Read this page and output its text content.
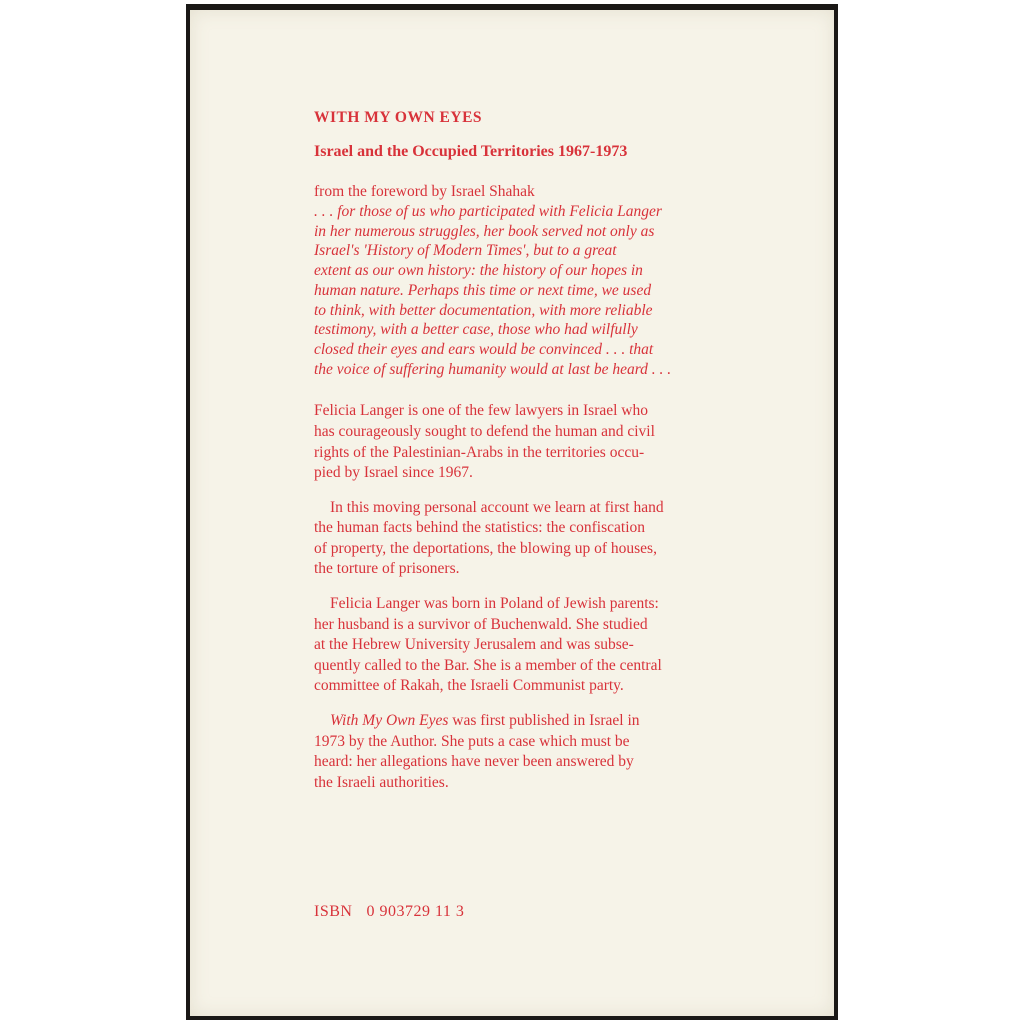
WITH MY OWN EYES
Israel and the Occupied Territories 1967-1973
from the foreword by Israel Shahak
. . . for those of us who participated with Felicia Langer
in her numerous struggles, her book served not only as
Israel's 'History of Modern Times', but to a great
extent as our own history: the history of our hopes in
human nature. Perhaps this time or next time, we used
to think, with better documentation, with more reliable
testimony, with a better case, those who had wilfully
closed their eyes and ears would be convinced . . . that
the voice of suffering humanity would at last be heard . . .
Felicia Langer is one of the few lawyers in Israel who
has courageously sought to defend the human and civil
rights of the Palestinian-Arabs in the territories occu-
pied by Israel since 1967.
In this moving personal account we learn at first hand
the human facts behind the statistics: the confiscation
of property, the deportations, the blowing up of houses,
the torture of prisoners.
Felicia Langer was born in Poland of Jewish parents:
her husband is a survivor of Buchenwald. She studied
at the Hebrew University Jerusalem and was subse-
quently called to the Bar. She is a member of the central
committee of Rakah, the Israeli Communist party.
With My Own Eyes was first published in Israel in
1973 by the Author. She puts a case which must be
heard: her allegations have never been answered by
the Israeli authorities.
ISBN 0 903729 11 3
